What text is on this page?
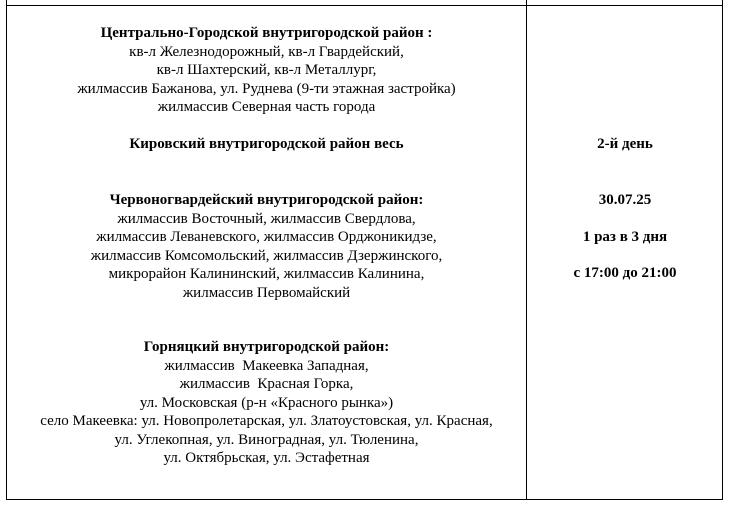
Центрально-Городской внутригородской район :
кв-л Железнодорожный, кв-л Гвардейский,
кв-л Шахтерский, кв-л Металлург,
жилмассив Бажанова, ул. Руднева (9-ти этажная застройка)
жилмассив Северная часть города
Кировский внутригородской район весь
Червоногвардейский внутригородской район:
жилмассив Восточный, жилмассив Свердлова,
жилмассив Леваневского, жилмассив Орджоникидзе,
жилмассив Комсомольский, жилмассив Дзержинского,
микрорайон Калининский, жилмассив Калинина,
жилмассив Первомайский
Горняцкий внутригородской район:
жилмассив  Макеевка Западная,
жилмассив  Красная Горка,
ул. Московская (р-н «Красного рынка»)
село Макеевка: ул. Новопролетарская, ул. Златоустовская, ул. Красная,
ул. Углекопная, ул. Виноградная, ул. Тюленина,
ул. Октябрьская, ул. Эстафетная
2-й день
30.07.25
1 раз в 3 дня
с 17:00 до 21:00
